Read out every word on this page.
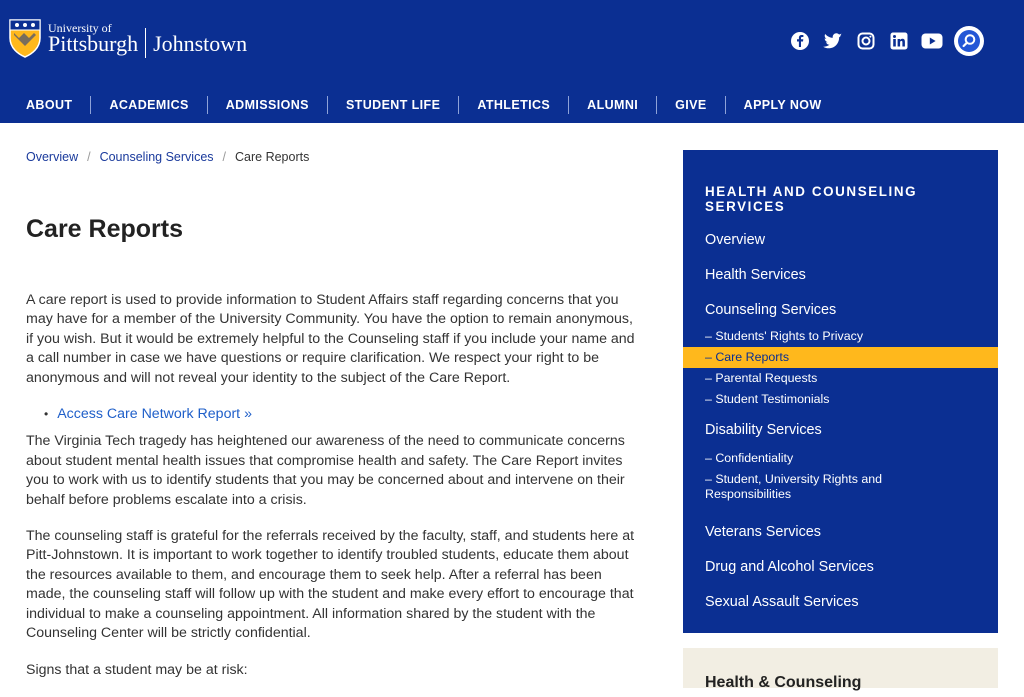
University of
Pittsburgh Johnstown
ABOUT	ACADEMICS	ADMISSIONS	STUDENT LIFE	ATHLETICS	ALUMNI	GIVE	APPLY NOW
Overview / Counseling Services / Care Reports
Care Reports

A care report is used to provide information to Student Affairs staff regarding concerns that you may have for a member of the University Community. You have the option to remain anonymous, if you wish. But it would be extremely helpful to the Counseling staff if you include your name and a call number in case we have questions or require clarification. We respect your right to be anonymous and will not reveal your identity to the subject of the Care Report.

• Access Care Network Report »

The Virginia Tech tragedy has heightened our awareness of the need to communicate concerns about student mental health issues that compromise health and safety. The Care Report invites you to work with us to identify students that you may be concerned about and intervene on their behalf before problems escalate into a crisis.

The counseling staff is grateful for the referrals received by the faculty, staff, and students here at Pitt-Johnstown. It is important to work together to identify troubled students, educate them about the resources available to them, and encourage them to seek help. After a referral has been made, the counseling staff will follow up with the student and make every effort to encourage that individual to make a counseling appointment. All information shared by the student with the Counseling Center will be strictly confidential.

Signs that a student may be at risk:

HEALTH AND COUNSELING SERVICES
Overview
Health Services
Counseling Services
– Students' Rights to Privacy
– Care Reports
– Parental Requests
– Student Testimonials
Disability Services
– Confidentiality
– Student, University Rights and Responsibilities
Veterans Services
Drug and Alcohol Services
Sexual Assault Services
Health & Counseling
